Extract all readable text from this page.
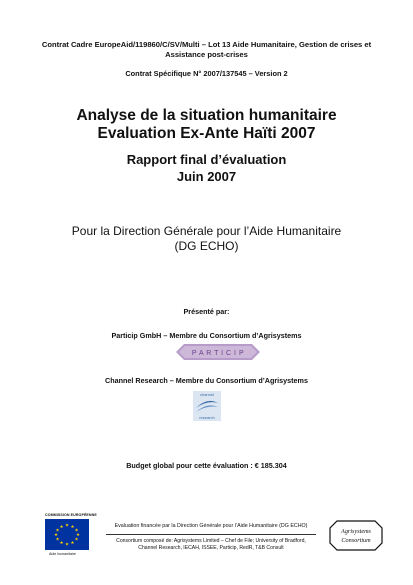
Contrat Cadre EuropeAid/119860/C/SV/Multi – Lot 13 Aide Humanitaire, Gestion de crises et Assistance post-crises
Contrat Spécifique N° 2007/137545 – Version 2
Analyse de la situation humanitaire
Evaluation Ex-Ante Haïti 2007
Rapport final d’évaluation
Juin 2007
Pour la Direction Générale pour l’Aide Humanitaire
(DG ECHO)
Présenté par:
Particip GmbH – Membre du Consortium d’Agrisystems
P A R T I C I P
Channel Research – Membre du Consortium d’Agrisystems
channel
research
Budget global pour cette évaluation : € 185.304
COMMISSION EUROPÉENNE
★ ★
★
★
★
★
★
★
★
★
★
★
Aide humanitaire
Evaluation financée par la Direction Générale pour l’Aide Humanitaire (DG ECHO)
Consortium composé de: Agrisystems Limited – Chef de File; University of Bradford,
Channel Research, IECAH, ISSEE, Particip, RedR, T&B Consult
Agrisystems
Consortium
